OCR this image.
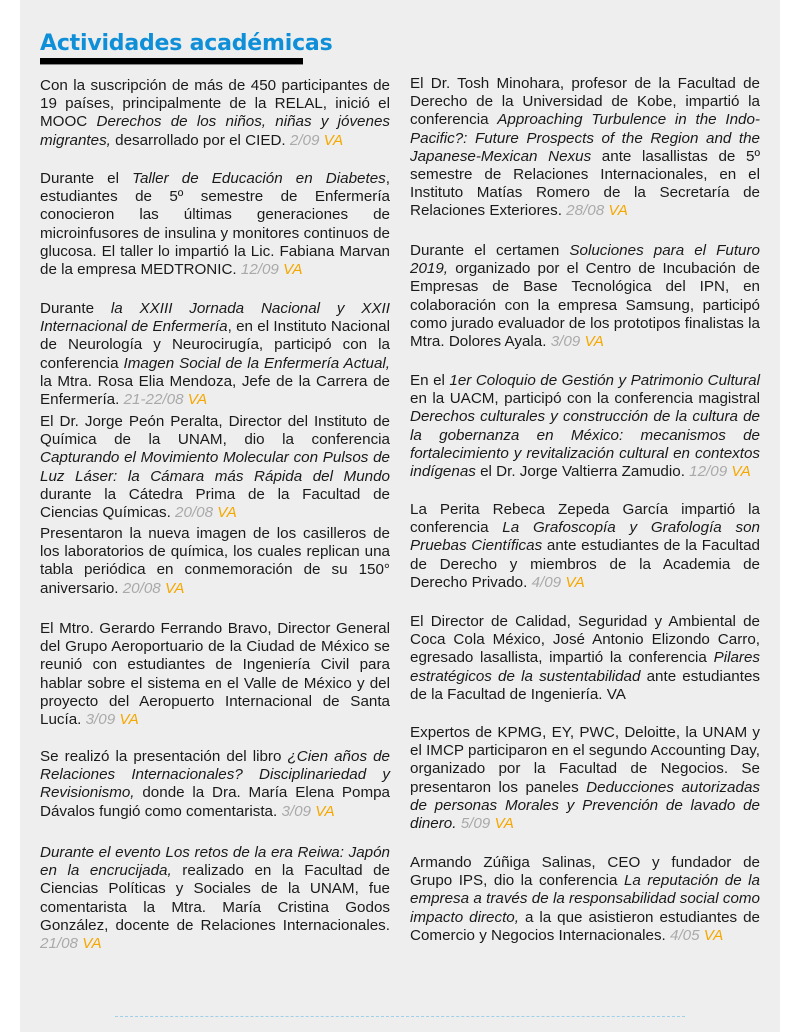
Actividades académicas

Con la suscripción de más de 450 participantes de 19 países, principalmente de la RELAL, inició el MOOC Derechos de los niños, niñas y jóvenes migrantes, desarrollado por el CIED. 2/09 VA

Durante el Taller de Educación en Diabetes, estudiantes de 5º semestre de Enfermería conocieron las últimas generaciones de microinfusores de insulina y monitores continuos de glucosa. El taller lo impartió la Lic. Fabiana Marvan de la empresa MEDTRONIC. 12/09 VA

Durante la XXIII Jornada Nacional y XXII Internacional de Enfermería, en el Instituto Nacional de Neurología y Neurocirugía, participó con la conferencia Imagen Social de la Enfermería Actual, la Mtra. Rosa Elia Mendoza, Jefe de la Carrera de Enfermería. 21-22/08 VA

El Dr. Jorge Peón Peralta, Director del Instituto de Química de la UNAM, dio la conferencia Capturando el Movimiento Molecular con Pulsos de Luz Láser: la Cámara más Rápida del Mundo durante la Cátedra Prima de la Facultad de Ciencias Químicas. 20/08 VA

Presentaron la nueva imagen de los casilleros de los laboratorios de química, los cuales replican una tabla periódica en conmemoración de su 150° aniversario. 20/08 VA

El Mtro. Gerardo Ferrando Bravo, Director General del Grupo Aeroportuario de la Ciudad de México se reunió con estudiantes de Ingeniería Civil para hablar sobre el sistema en el Valle de México y del proyecto del Aeropuerto Internacional de Santa Lucía. 3/09 VA

Se realizó la presentación del libro ¿Cien años de Relaciones Internacionales? Disciplinariedad y Revisionismo, donde la Dra. María Elena Pompa Dávalos fungió como comentarista. 3/09 VA

Durante el evento Los retos de la era Reiwa: Japón en la encrucijada, realizado en la Facultad de Ciencias Políticas y Sociales de la UNAM, fue comentarista la Mtra. María Cristina Godos González, docente de Relaciones Internacionales. 21/08 VA

El Dr. Tosh Minohara, profesor de la Facultad de Derecho de la Universidad de Kobe, impartió la conferencia Approaching Turbulence in the Indo-Pacific?: Future Prospects of the Region and the Japanese-Mexican Nexus ante lasallistas de 5º semestre de Relaciones Internacionales, en el Instituto Matías Romero de la Secretaría de Relaciones Exteriores. 28/08 VA

Durante el certamen Soluciones para el Futuro 2019, organizado por el Centro de Incubación de Empresas de Base Tecnológica del IPN, en colaboración con la empresa Samsung, participó como jurado evaluador de los prototipos finalistas la Mtra. Dolores Ayala. 3/09 VA

En el 1er Coloquio de Gestión y Patrimonio Cultural en la UACM, participó con la conferencia magistral Derechos culturales y construcción de la cultura de la gobernanza en México: mecanismos de fortalecimiento y revitalización cultural en contextos indígenas el Dr. Jorge Valtierra Zamudio. 12/09 VA

La Perita Rebeca Zepeda García impartió la conferencia La Grafoscopía y Grafología son Pruebas Científicas ante estudiantes de la Facultad de Derecho y miembros de la Academia de Derecho Privado. 4/09 VA

El Director de Calidad, Seguridad y Ambiental de Coca Cola México, José Antonio Elizondo Carro, egresado lasallista, impartió la conferencia Pilares estratégicos de la sustentabilidad ante estudiantes de la Facultad de Ingeniería. VA

Expertos de KPMG, EY, PWC, Deloitte, la UNAM y el IMCP participaron en el segundo Accounting Day, organizado por la Facultad de Negocios. Se presentaron los paneles Deducciones autorizadas de personas Morales y Prevención de lavado de dinero. 5/09 VA

Armando Zúñiga Salinas, CEO y fundador de Grupo IPS, dio la conferencia La reputación de la empresa a través de la responsabilidad social como impacto directo, a la que asistieron estudiantes de Comercio y Negocios Internacionales. 4/05 VA
